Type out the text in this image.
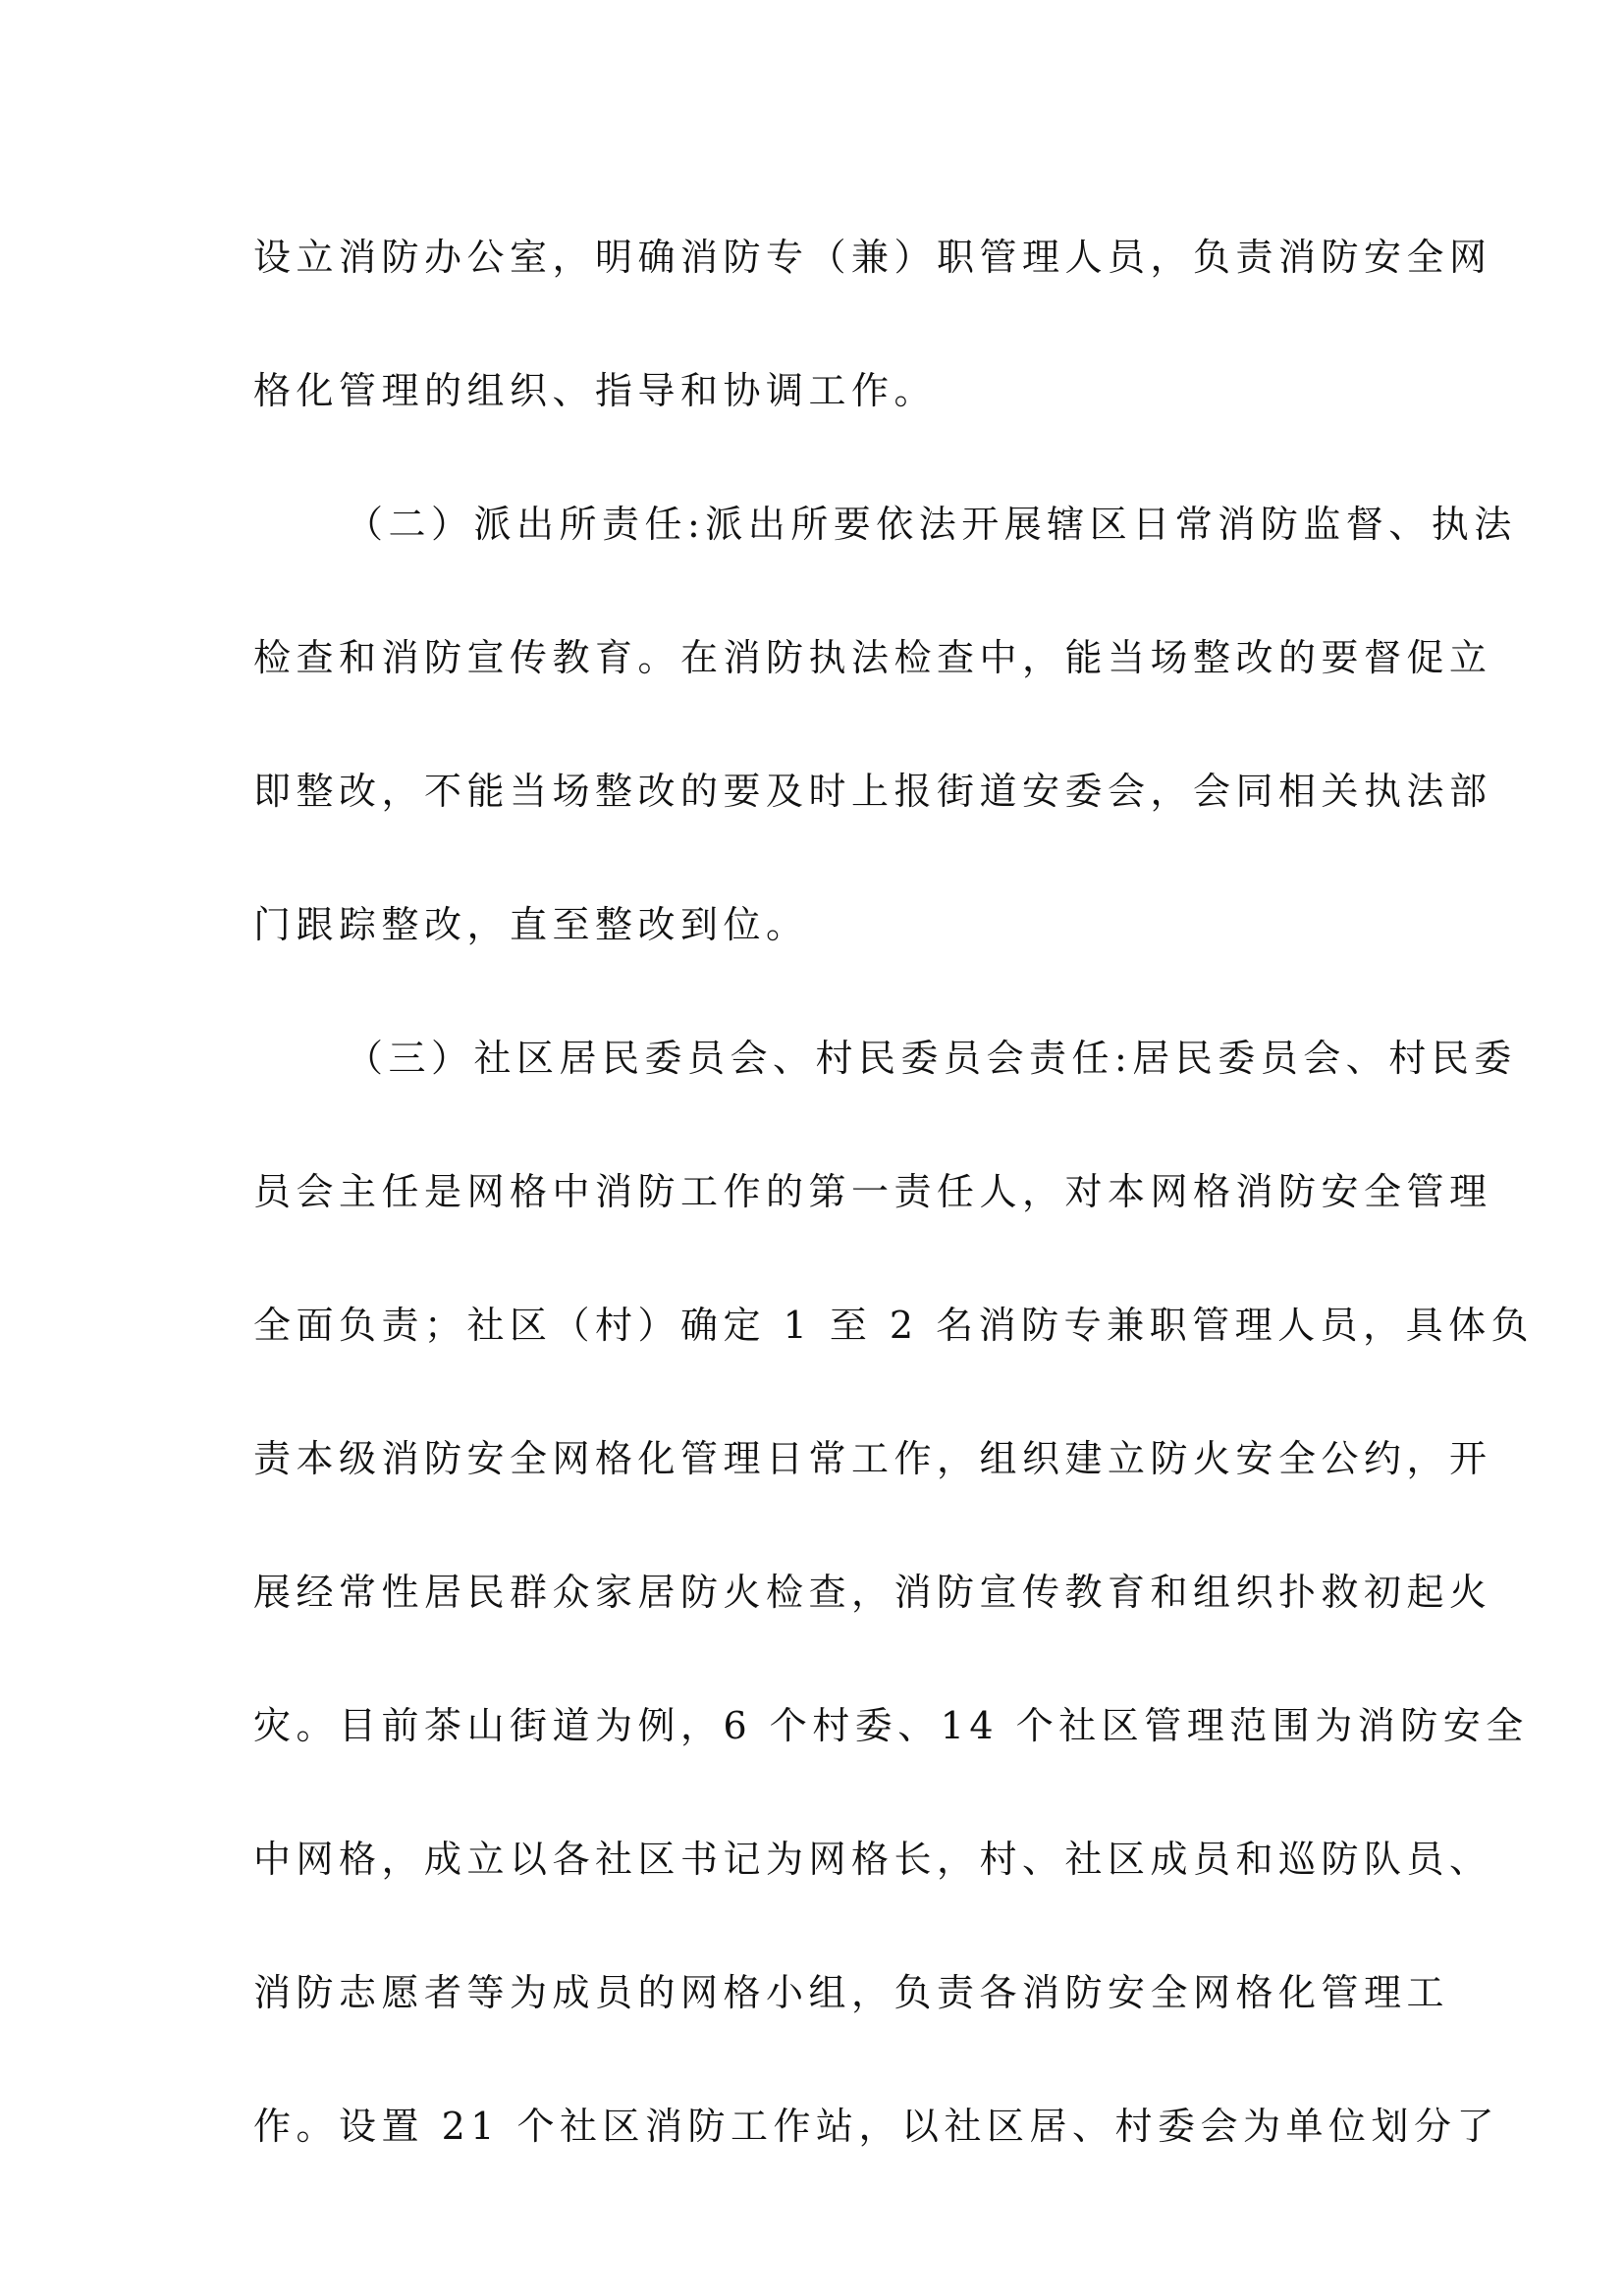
设立消防办公室，明确消防专（兼）职管理人员，负责消防安全网
格化管理的组织、指导和协调工作。
（二）派出所责任:派出所要依法开展辖区日常消防监督、执法
检查和消防宣传教育。在消防执法检查中，能当场整改的要督促立
即整改，不能当场整改的要及时上报街道安委会，会同相关执法部
门跟踪整改，直至整改到位。
（三）社区居民委员会、村民委员会责任:居民委员会、村民委
员会主任是网格中消防工作的第一责任人，对本网格消防安全管理
全面负责；社区（村）确定 1 至 2 名消防专兼职管理人员，具体负
责本级消防安全网格化管理日常工作，组织建立防火安全公约，开
展经常性居民群众家居防火检查，消防宣传教育和组织扑救初起火
灾。目前茶山街道为例，6 个村委、14 个社区管理范围为消防安全
中网格，成立以各社区书记为网格长，村、社区成员和巡防队员、
消防志愿者等为成员的网格小组，负责各消防安全网格化管理工
作。设置 21 个社区消防工作站，以社区居、村委会为单位划分了
